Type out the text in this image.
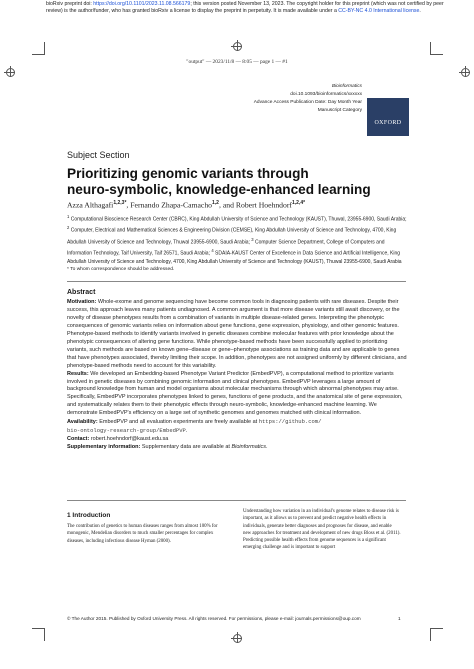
bioRxiv preprint doi: https://doi.org/10.1101/2023.11.08.566179; this version posted November 13, 2023. The copyright holder for this preprint (which was not certified by peer review) is the author/funder, who has granted bioRxiv a license to display the preprint in perpetuity. It is made available under a CC-BY-NC 4.0 International license.
"output" — 2023/11/8 — 8:05 — page 1 — #1
Bioinformatics
doi.10.1093/bioinformatics/xxxxxx
Advance Access Publication Date: Day Month Year
Manuscript Category
OXFORD
Subject Section
Prioritizing genomic variants through
neuro-symbolic, knowledge-enhanced learning
Azza Althagafi$^{1,2,3*}$, Fernando Zhapa-Camacho$^{1,2}$, and Robert Hoehndorf$^{1,2,4*}$
$^1$ Computational Bioscience Research Center (CBRC), King Abdullah University of Science and Technology (KAUST), Thuwal, 23955-6900, Saudi Arabia; $^2$ Computer, Electrical and Mathematical Sciences & Engineering Division (CEMSE), King Abdullah University of Science and Technology, 4700, King Abdullah University of Science and Technology, Thuwal 23955-6900, Saudi Arabia; $^3$ Computer Science Department, College of Computers and Information Technology, Taif University, Taif 26571, Saudi Arabia; $^4$ SDAIA-KAUST Center of Excellence in Data Science and Artificial Intelligence, King Abdullah University of Science and Technology, 4700, King Abdullah University of Science and Technology (KAUST), Thuwal 23955-6900, Saudi Arabia
* To whom correspondence should be addressed.
Abstract
Motivation: Whole-exome and genome sequencing have become common tools in diagnosing patients with rare diseases. Despite their success, this approach leaves many patients undiagnosed. A common argument is that more disease variants still await discovery, or the novelty of disease phenotypes results from a combination of variants in multiple disease-related genes. Interpreting the phenotypic consequences of genomic variants relies on information about gene functions, gene expression, physiology, and other genomic features. Phenotype-based methods to identify variants involved in genetic diseases combine molecular features with prior knowledge about the phenotypic consequences of altering gene functions. While phenotype-based methods have been successfully applied to prioritizing variants, such methods are based on known gene–disease or gene–phenotype associations as training data and are applicable to genes that have phenotypes associated, thereby limiting their scope. In addition, phenotypes are not assigned uniformly by different clinicians, and phenotype-based methods need to account for this variability.
Results: We developed an Embedding-based Phenotype Variant Predictor (EmbedPVP), a computational method to prioritize variants involved in genetic diseases by combining genomic information and clinical phenotypes. EmbedPVP leverages a large amount of background knowledge from human and model organisms about molecular mechanisms through which abnormal phenotypes may arise. Specifically, EmbedPVP incorporates phenotypes linked to genes, functions of gene products, and the anatomical site of gene expression, and systematically relates them to their phenotypic effects through neuro-symbolic, knowledge-enhanced machine learning. We demonstrate EmbedPVP's efficiency on a large set of synthetic genomes and genomes matched with clinical information.
Availability: EmbedPVP and all evaluation experiments are freely available at https://github.com/
bio-ontology-research-group/EmbedPVP.
Contact: robert.hoehndorf@kaust.edu.sa
Supplementary information: Supplementary data are available at Bioinformatics.
1 Introduction
The contribution of genetics to human diseases ranges from almost 100% for monogenic, Mendelian disorders to much smaller percentages for complex diseases, including infectious disease Hyman (2000).
Understanding how variation in an individual's genome relates to disease risk is important, as it allows us to prevent and predict negative health effects in individuals, generate better diagnoses and prognoses for disease, and enable new approaches for treatment and development of new drugs Bloss et al. (2011). Predicting possible health effects from genome sequences is a significant emerging challenge and is important to support
© The Author 2015. Published by Oxford University Press. All rights reserved. For permissions, please e-mail: journals.permissions@oup.com	1
